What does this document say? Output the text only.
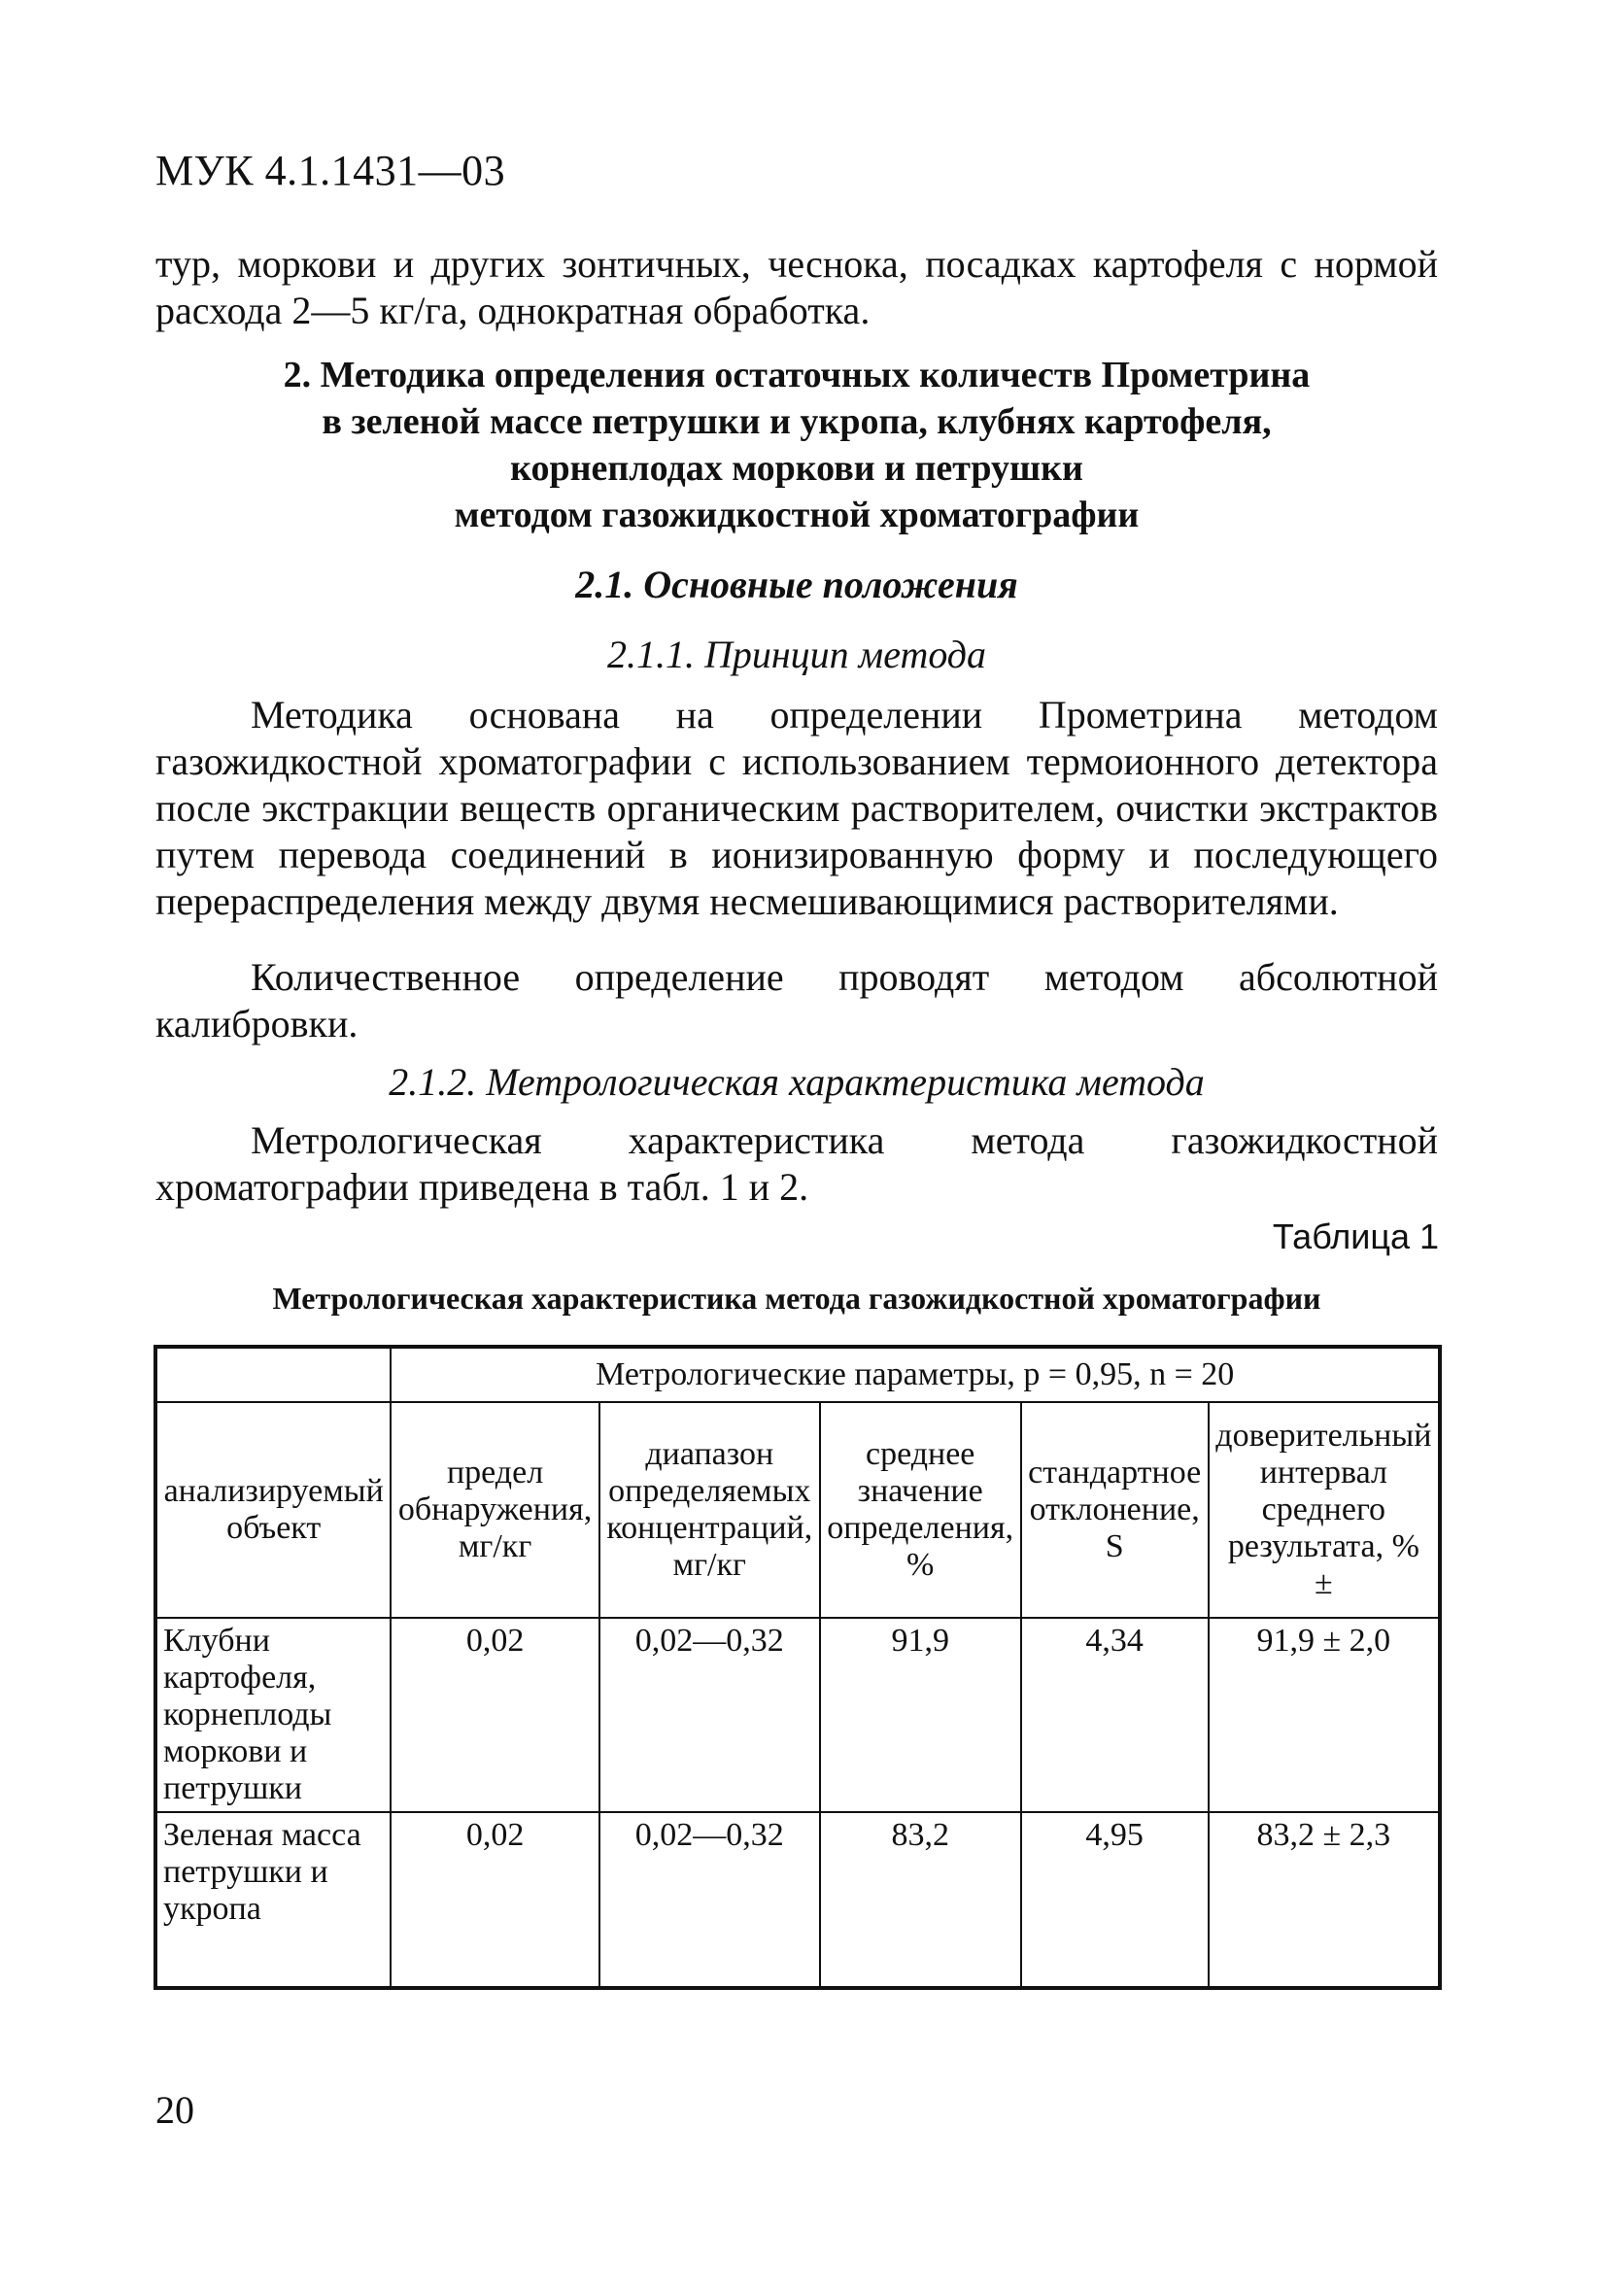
МУК 4.1.1431—03
тур, моркови и других зонтичных, чеснока, посадках картофеля с нормой расхода 2—5 кг/га, однократная обработка.
2. Методика определения остаточных количеств Прометрина
в зеленой массе петрушки и укропа, клубнях картофеля,
корнеплодах моркови и петрушки
методом газожидкостной хроматографии
2.1. Основные положения
2.1.1. Принцип метода
Методика основана на определении Прометрина методом газожидкостной хроматографии с использованием термоионного детектора после экстракции веществ органическим растворителем, очистки экстрактов путем перевода соединений в ионизированную форму и последующего перераспределения между двумя несмешивающимися растворителями.
Количественное определение проводят методом абсолютной калибровки.
2.1.2. Метрологическая характеристика метода
Метрологическая характеристика метода газожидкостной хроматографии приведена в табл. 1 и 2.
Таблица 1
Метрологическая характеристика метода газожидкостной хроматографии
	Метрологические параметры, р = 0,95, n = 20				
анализируемый объект	предел обнаружения, мг/кг	диапазон определяемых концентраций, мг/кг	среднее значение определения, %	стандартное отклонение, S	доверительный интервал среднего результата, % ±
Клубни картофеля, корнеплоды моркови и петрушки	0,02	0,02—0,32	91,9	4,34	91,9 ± 2,0
Зеленая масса петрушки и укропа	0,02	0,02—0,32	83,2	4,95	83,2 ± 2,3
20
